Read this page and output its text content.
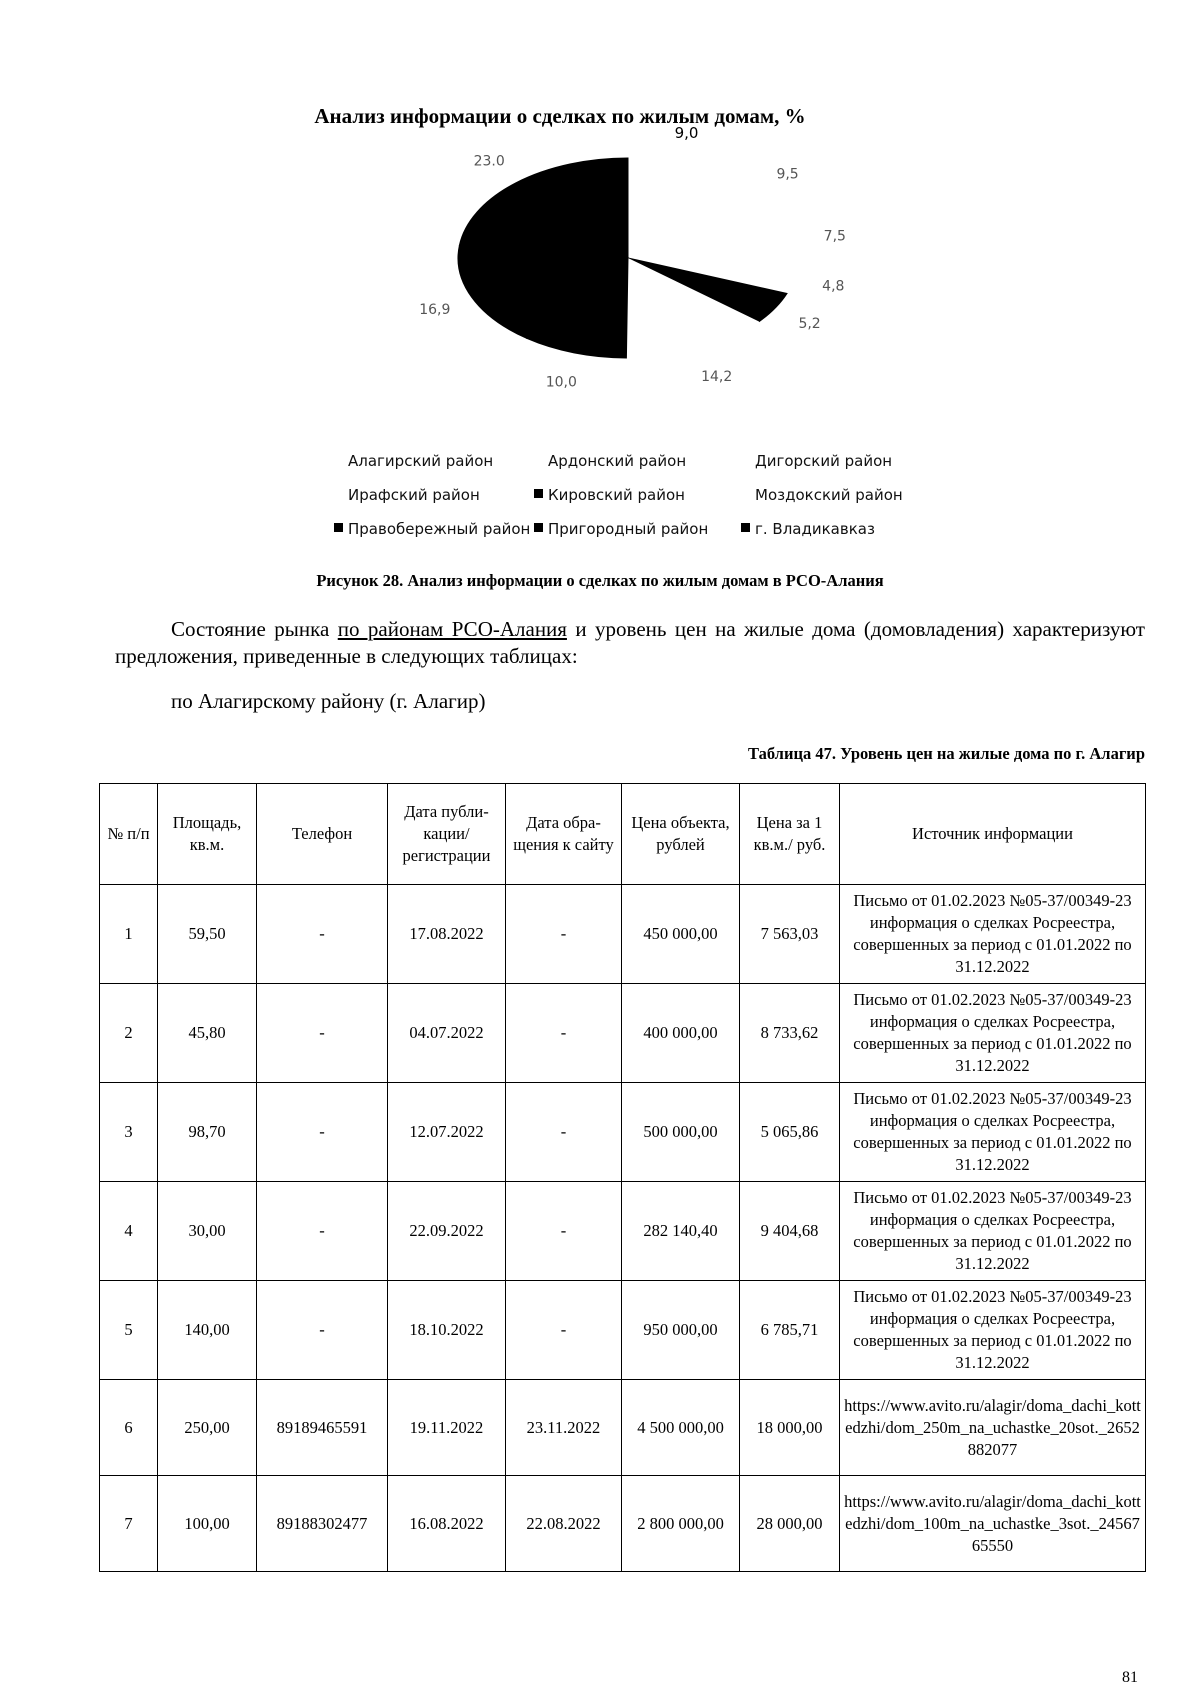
Анализ информации о сделках по жилым домам, %
9,0
9,5
7,5
4,8
5,2
14,2
10,0
16,9
23.0
Алагирский район	Ардонский район	Дигорский район
Ирафский район	Кировский район	Моздокский район
Правобережный район Пригородный район	г. Владикавказ
Рисунок 28. Анализ информации о сделках по жилым домам в РСО-Алания
Состояние рынка по районам РСО-Алания и уровень цен на жилые дома (домовладения) характеризуют предложения, приведенные в следующих таблицах:
по Алагирскому району (г. Алагир)
Таблица 47. Уровень цен на жилые дома по г. Алагир
№ п/п	Площадь, кв.м.	Телефон	Дата публи-кации/ регистрации	Дата обра-щения к сайту	Цена объекта, рублей	Цена за 1 кв.м./ руб.	Источник информации
1	59,50	-	17.08.2022	-	450 000,00	7 563,03	Письмо от 01.02.2023 №05-37/00349-23 информация о сделках Росреестра, совершенных за период с 01.01.2022 по 31.12.2022
2	45,80	-	04.07.2022	-	400 000,00	8 733,62	Письмо от 01.02.2023 №05-37/00349-23 информация о сделках Росреестра, совершенных за период с 01.01.2022 по 31.12.2022
3	98,70	-	12.07.2022	-	500 000,00	5 065,86	Письмо от 01.02.2023 №05-37/00349-23 информация о сделках Росреестра, совершенных за период с 01.01.2022 по 31.12.2022
4	30,00	-	22.09.2022	-	282 140,40	9 404,68	Письмо от 01.02.2023 №05-37/00349-23 информация о сделках Росреестра, совершенных за период с 01.01.2022 по 31.12.2022
5	140,00	-	18.10.2022	-	950 000,00	6 785,71	Письмо от 01.02.2023 №05-37/00349-23 информация о сделках Росреестра, совершенных за период с 01.01.2022 по 31.12.2022
6	250,00	89189465591	19.11.2022	23.11.2022	4 500 000,00	18 000,00	https://www.avito.ru/alagir/doma_dachi_kottedzhi/dom_250m_na_uchastke_20sot._2652882077
7	100,00	89188302477	16.08.2022	22.08.2022	2 800 000,00	28 000,00	https://www.avito.ru/alagir/doma_dachi_kottedzhi/dom_100m_na_uchastke_3sot._2456765550
81
